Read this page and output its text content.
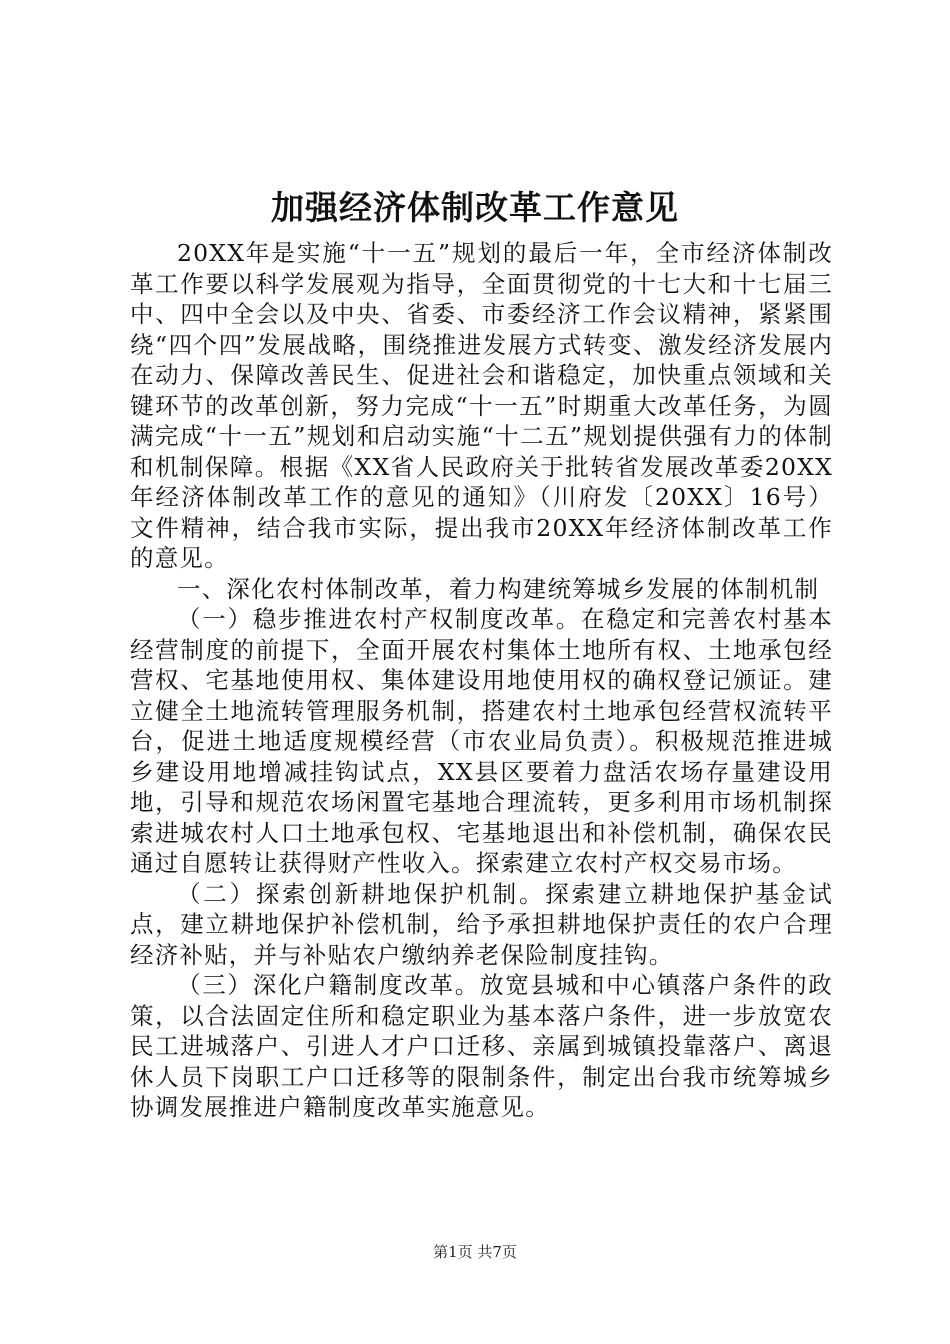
加强经济体制改革工作意见

20XX年是实施“十一五”规划的最后一年，全市经济体制改革工作要以科学发展观为指导，全面贯彻党的十七大和十七届三中、四中全会以及中央、省委、市委经济工作会议精神，紧紧围绕“四个四”发展战略，围绕推进发展方式转变、激发经济发展内在动力、保障改善民生、促进社会和谐稳定，加快重点领域和关键环节的改革创新，努力完成“十一五”时期重大改革任务，为圆满完成“十一五”规划和启动实施“十二五”规划提供强有力的体制和机制保障。根据《XX省人民政府关于批转省发展改革委20XX年经济体制改革工作的意见的通知》（川府发〔20XX〕16号）文件精神，结合我市实际，提出我市20XX年经济体制改革工作的意见。

一、深化农村体制改革，着力构建统筹城乡发展的体制机制

（一）稳步推进农村产权制度改革。在稳定和完善农村基本经营制度的前提下，全面开展农村集体土地所有权、土地承包经营权、宅基地使用权、集体建设用地使用权的确权登记颁证。建立健全土地流转管理服务机制，搭建农村土地承包经营权流转平台，促进土地适度规模经营（市农业局负责）。积极规范推进城乡建设用地增减挂钩试点，XX县区要着力盘活农场存量建设用地，引导和规范农场闲置宅基地合理流转，更多利用市场机制探索进城农村人口土地承包权、宅基地退出和补偿机制，确保农民通过自愿转让获得财产性收入。探索建立农村产权交易市场。

（二）探索创新耕地保护机制。探索建立耕地保护基金试点，建立耕地保护补偿机制，给予承担耕地保护责任的农户合理经济补贴，并与补贴农户缴纳养老保险制度挂钩。

（三）深化户籍制度改革。放宽县城和中心镇落户条件的政策，以合法固定住所和稳定职业为基本落户条件，进一步放宽农民工进城落户、引进人才户口迁移、亲属到城镇投靠落户、离退休人员下岗职工户口迁移等的限制条件，制定出台我市统筹城乡协调发展推进户籍制度改革实施意见。

第1页 共7页
